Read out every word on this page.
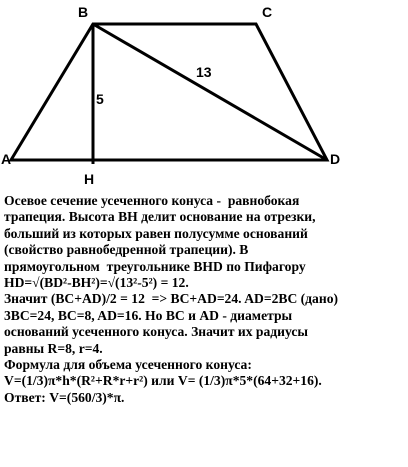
B	C
A	D
H
5
13
Осевое сечение усеченного конуса -  равнобокая
трапеция. Высота BH делит основание на отрезки,
больший из которых равен полусумме оснований
(свойство равнобедренной трапеции). В
прямоугольном  треугольнике BHD по Пифагору
HD=√(BD²-BH²)=√(13²-5²) = 12.
Значит (BC+AD)/2 = 12  => BC+AD=24. AD=2BC (дано)
3BC=24, BC=8, AD=16. Но BC и AD - диаметры
оснований усеченного конуса. Значит их радиусы
равны R=8, r=4.
Формула для объема усеченного конуса:
V=(1/3)π*h*(R²+R*r+r²) или V= (1/3)π*5*(64+32+16).
Ответ: V=(560/3)*π.
